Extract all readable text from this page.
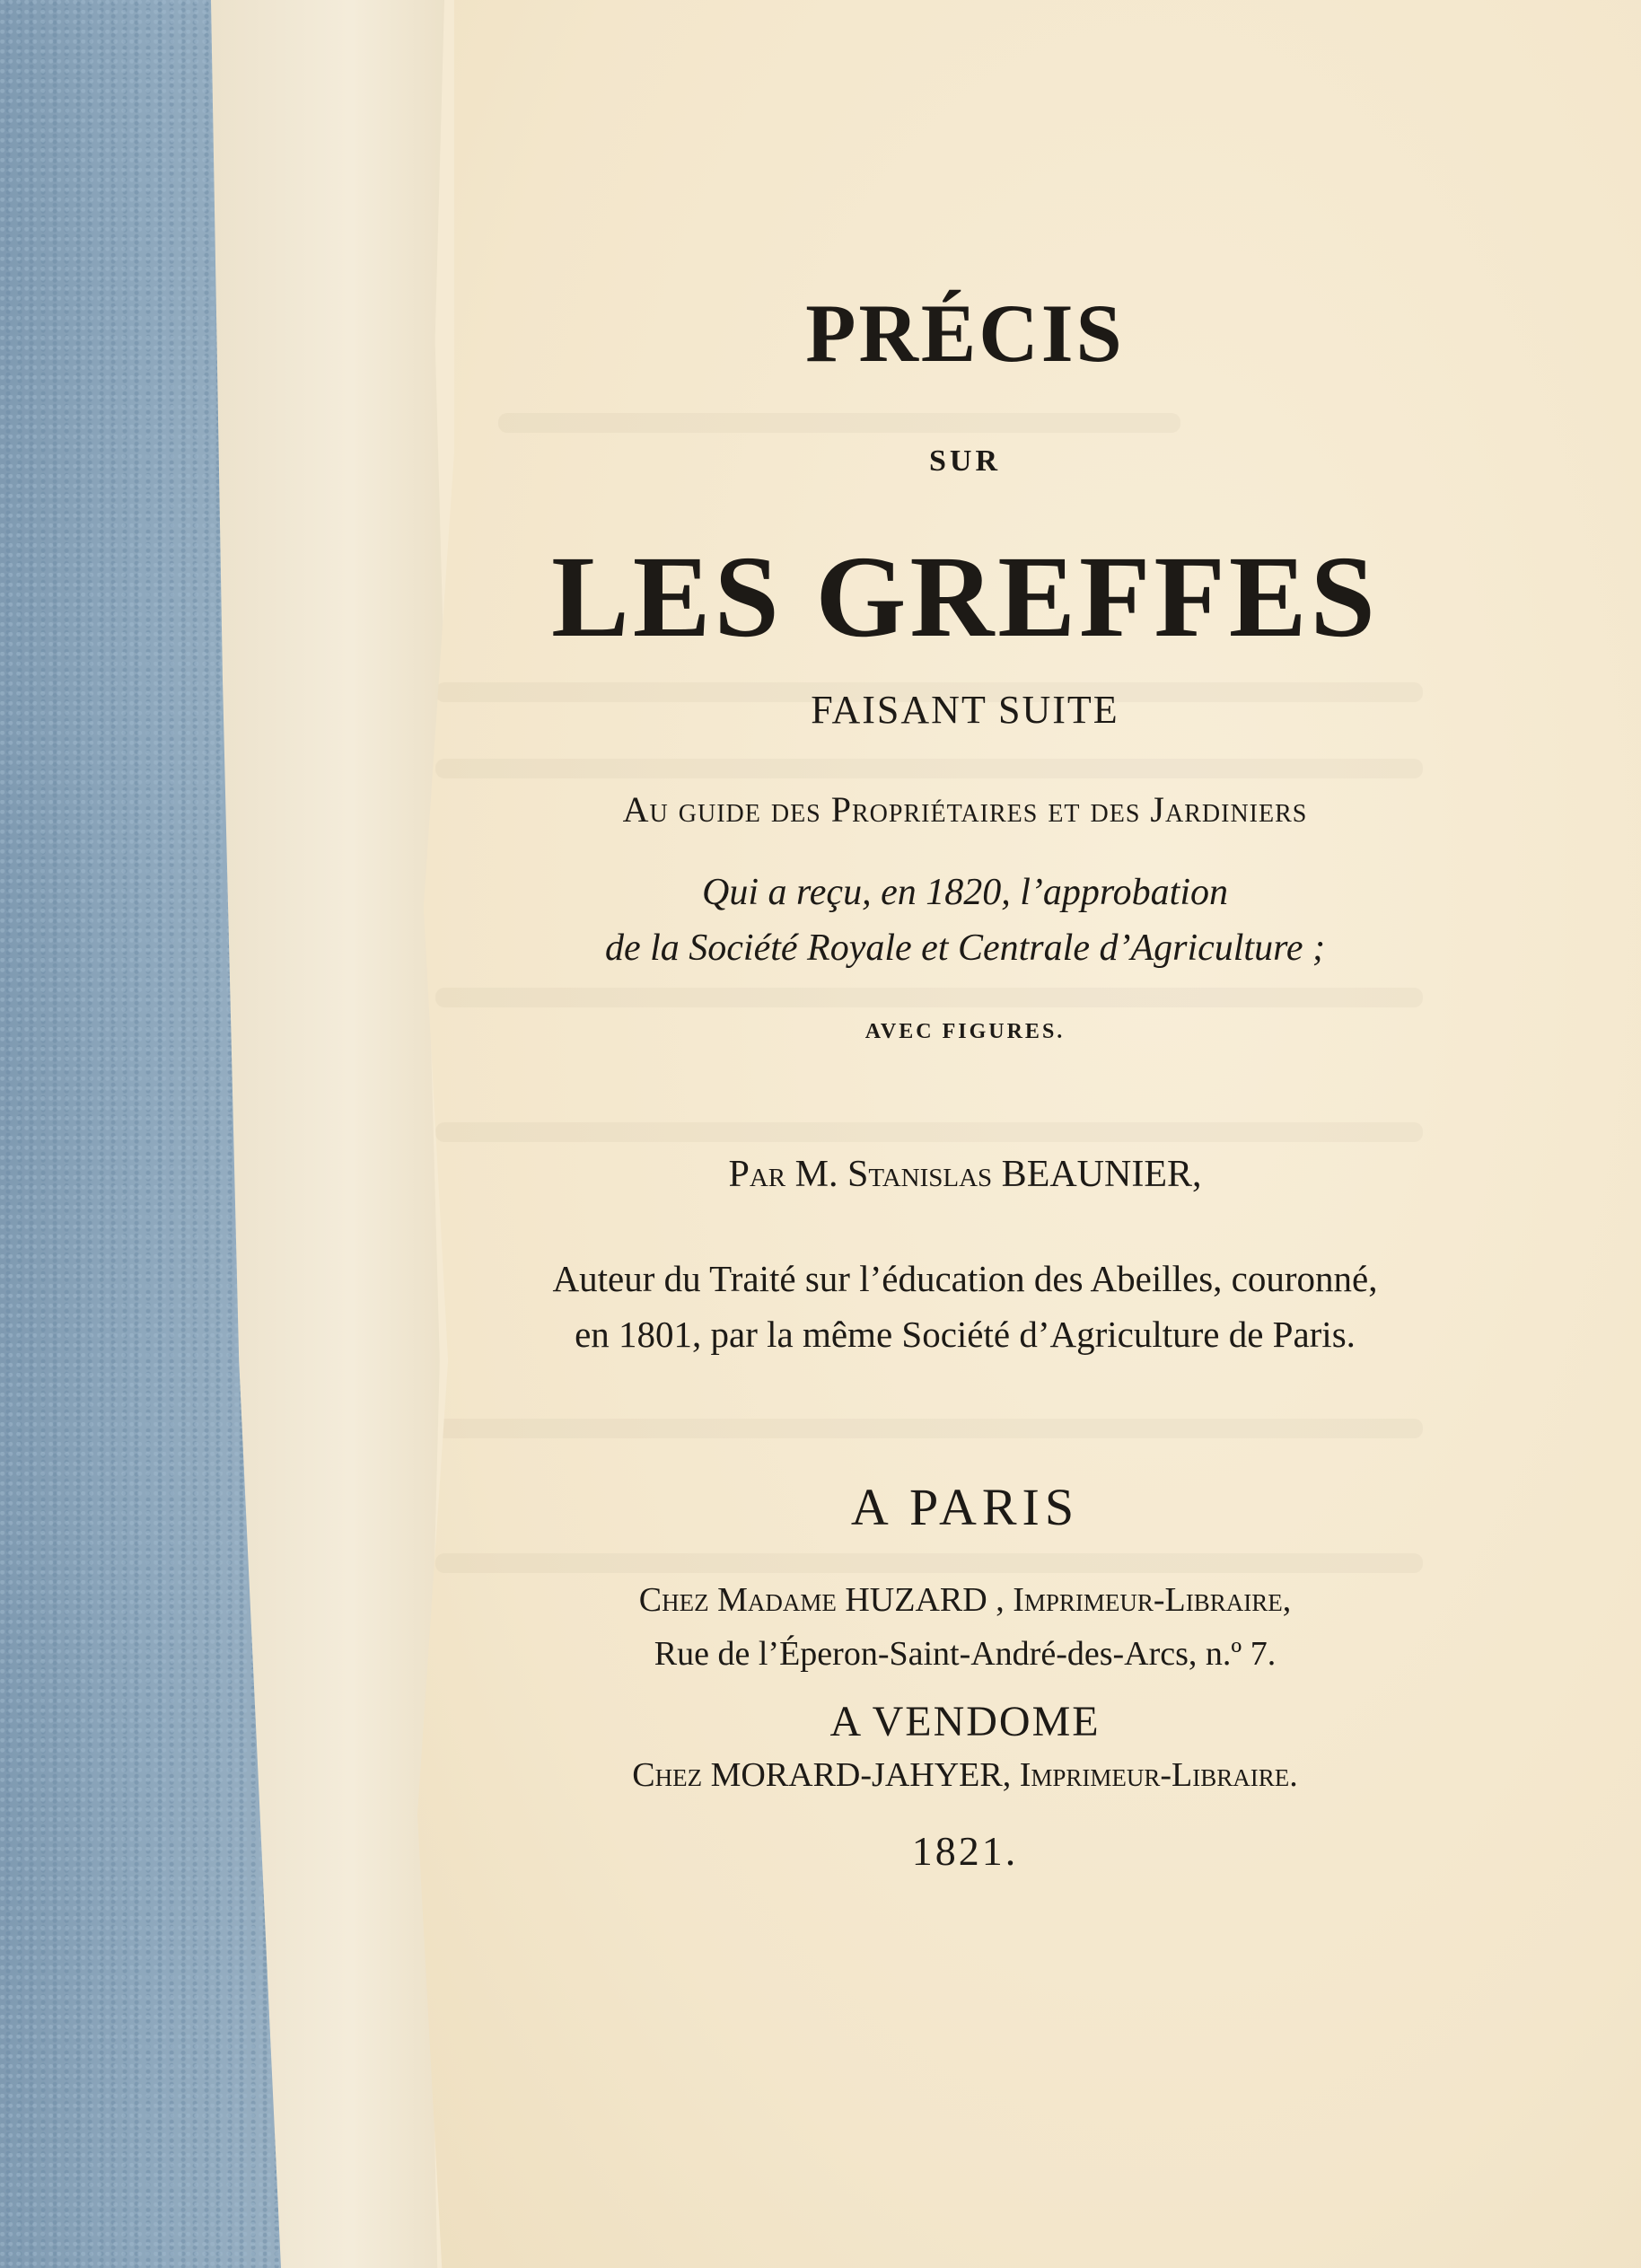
PRÉCIS
SUR
LES GREFFES
FAISANT SUITE
Au guide des Propriétaires et des Jardiniers
Qui a reçu, en 1820, l’approbation
de la Société Royale et Centrale d’Agriculture ;
AVEC FIGURES.
Par M. Stanislas BEAUNIER,
Auteur du Traité sur l’éducation des Abeilles, couronné,
en 1801, par la même Société d’Agriculture de Paris.
A PARIS
Chez Madame HUZARD , Imprimeur-Libraire,
Rue de l’Éperon-Saint-André-des-Arcs, n.º 7.
A VENDOME
Chez MORARD-JAHYER, Imprimeur-Libraire.
1821.
